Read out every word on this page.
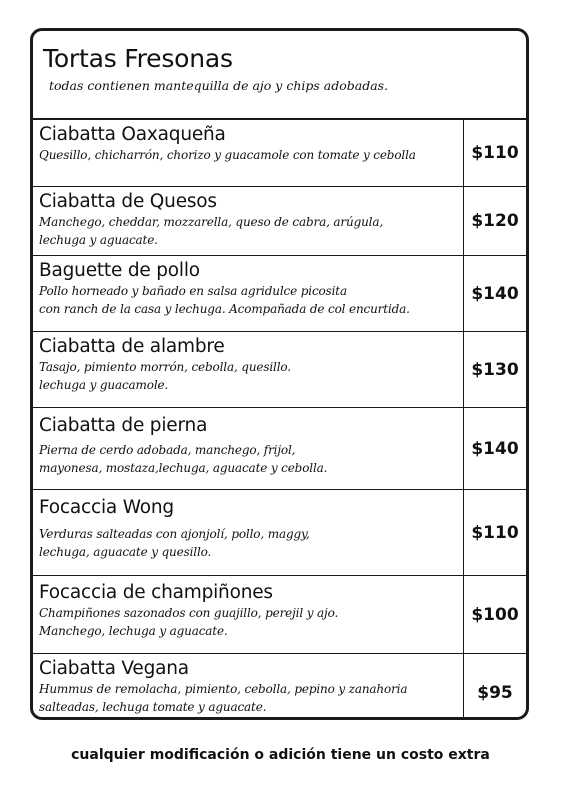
Tortas Fresonas

todas contienen mantequilla de ajo y chips adobadas.

Ciabatta Oaxaqueña
Quesillo, chicharrón, chorizo y guacamole con tomate y cebolla	$110
Ciabatta de Quesos
Manchego, cheddar, mozzarella, queso de cabra, arúgula,
lechuga y aguacate.
$120
Baguette de pollo
Pollo horneado y bañado en salsa agridulce picosita
con ranch de la casa y lechuga. Acompañada de col encurtida.
$140
Ciabatta de alambre
Tasajo, pimiento morrón, cebolla, quesillo.
lechuga y guacamole.
$130
Ciabatta de pierna
Pierna de cerdo adobada, manchego, frijol,
mayonesa, mostaza,lechuga, aguacate y cebolla.
$140
Focaccia Wong
Verduras salteadas con ajonjolí, pollo, maggy,
lechuga, aguacate y quesillo.
$110
Focaccia de champiñones
Champiñones sazonados con guajillo, perejil y ajo.
Manchego, lechuga y aguacate.
$100
Ciabatta Vegana
Hummus de remolacha, pimiento, cebolla, pepino y zanahoria
salteadas, lechuga tomate y aguacate.
$95
cualquier modificación o adición tiene un costo extra
